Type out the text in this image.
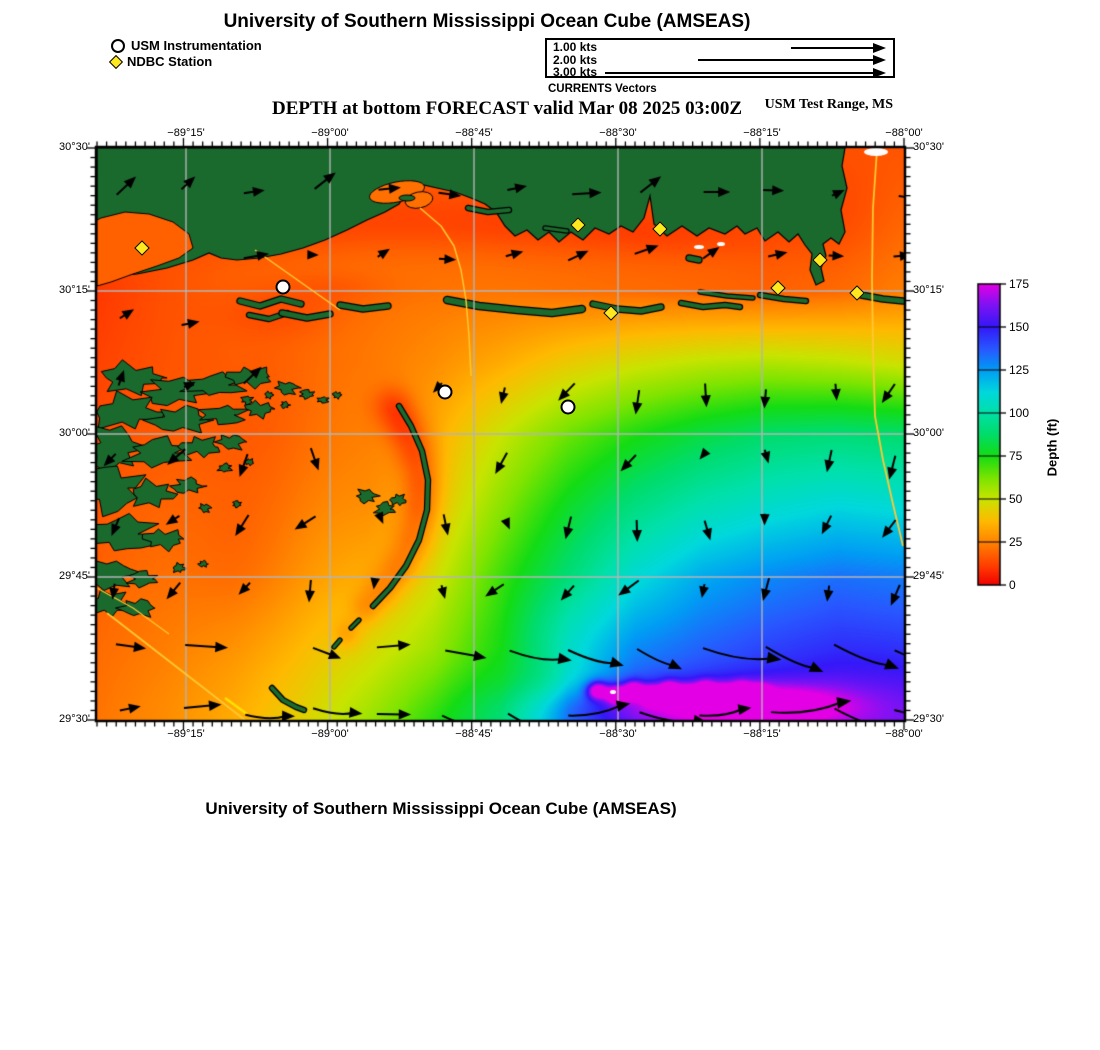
University of Southern Mississippi Ocean Cube (AMSEAS)
USM Instrumentation
NDBC Station
1.00 kts
2.00 kts
3.00 kts
CURRENTS Vectors
DEPTH at bottom FORECAST valid Mar 08 2025 03:00Z	USM Test Range, MS
−89°15'
−89°15'
−89°00'
−89°00'
−88°45'
−88°45'
−88°30'
−88°30'
−88°15'
−88°15'
−88°00'
−88°00'
30°30'	30°30'
30°15'	30°15'
30°00'	30°00'
29°45'	29°45'
29°30'	29°30'
175
150
125
100
75
50
25
0
Depth (ft)
University of Southern Mississippi Ocean Cube (AMSEAS)
